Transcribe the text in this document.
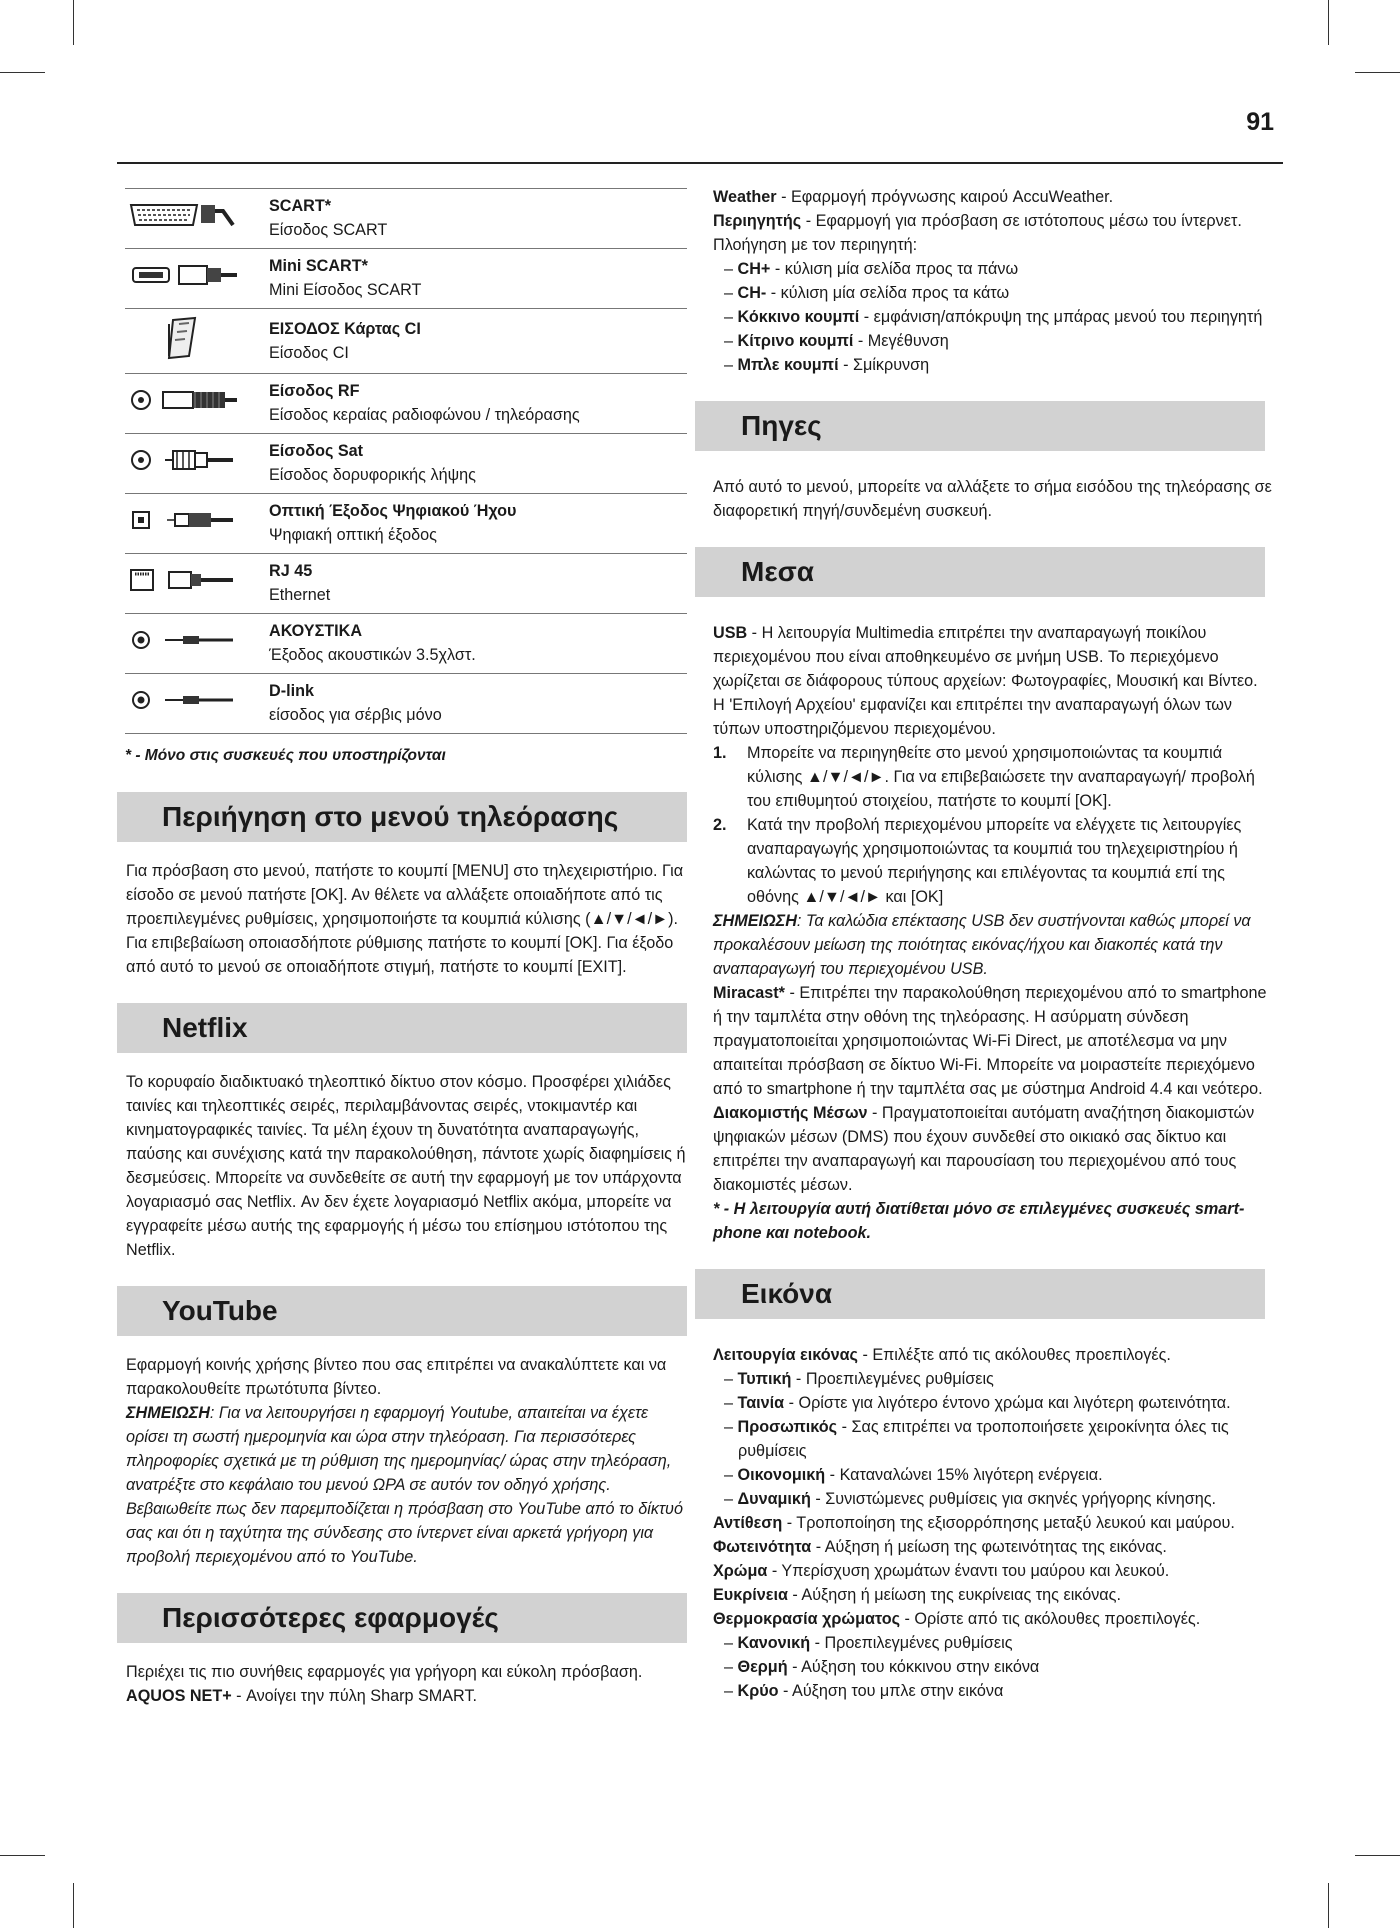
91

SCART*
Είσοδος SCART

Mini SCART*
Mini Είσοδος SCART

ΕΙΣΟΔΟΣ Κάρτας CI
Είσοδος CI

Είσοδος RF
Είσοδος κεραίας ραδιοφώνου / τηλεόρασης

Είσοδος Sat
Είσοδος δορυφορικής λήψης

Οπτική Έξοδος Ψηφιακού Ήχου
Ψηφιακή οπτική έξοδος

RJ 45
Ethernet

ΑΚΟΥΣΤΙΚΑ
Έξοδος ακουστικών 3.5χλστ.

D-link
είσοδος για σέρβις μόνο
* - Μόνο στις συσκευές που υποστηρίζονται
Περιήγηση στο μενού τηλεόρασης

Για πρόσβαση στο μενού, πατήστε το κουμπί [MENU] στο τηλεχειριστήριο. Για είσοδο σε μενού πατήστε [OK]. Αν θέλετε να αλλάξετε οποιαδήποτε από τις προεπιλεγμένες ρυθμίσεις, χρησιμοποιήστε τα κουμπιά κύλισης (▲/▼/◄/►). Για επιβεβαίωση οποιασδήποτε ρύθμισης πατήστε το κουμπί [OK]. Για έξοδο από αυτό το μενού σε οποιαδήποτε στιγμή, πατήστε το κουμπί [EXIT].

Netflix

Το κορυφαίο διαδικτυακό τηλεοπτικό δίκτυο στον κόσμο. Προσφέρει χιλιάδες ταινίες και τηλεοπτικές σειρές, περιλαμβάνοντας σειρές, ντοκιμαντέρ και κινηματογραφικές ταινίες. Τα μέλη έχουν τη δυνατότητα αναπαραγωγής, παύσης και συνέχισης κατά την παρακολούθηση, πάντοτε χωρίς διαφημίσεις ή δεσμεύσεις. Μπορείτε να συνδεθείτε σε αυτή την εφαρμογή με τον υπάρχοντα λογαριασμό σας Netflix. Αν δεν έχετε λογαριασμό Netflix ακόμα, μπορείτε να εγγραφείτε μέσω αυτής της εφαρμογής ή μέσω του επίσημου ιστότοπου της Netflix.

YouTube

Εφαρμογή κοινής χρήσης βίντεο που σας επιτρέπει να ανακαλύπτετε και να παρακολουθείτε πρωτότυπα βίντεο.

ΣΗΜΕΙΩΣΗ: Για να λειτουργήσει η εφαρμογή Youtube, απαιτείται να έχετε ορίσει τη σωστή ημερομηνία και ώρα στην τηλεόραση. Για περισσότερες πληροφορίες σχετικά με τη ρύθμιση της ημερομηνίας/ ώρας στην τηλεόραση, ανατρέξτε στο κεφάλαιο του μενού ΩΡΑ σε αυτόν τον οδηγό χρήσης. Βεβαιωθείτε πως δεν παρεμποδίζεται η πρόσβαση στο YouTube από το δίκτυό σας και ότι η ταχύτητα της σύνδεσης στο ίντερνετ είναι αρκετά γρήγορη για προβολή περιεχομένου από το YouTube.

Περισσότερες εφαρμογές

Περιέχει τις πιο συνήθεις εφαρμογές για γρήγορη και εύκολη πρόσβαση.

AQUOS NET+ - Ανοίγει την πύλη Sharp SMART.

Weather - Εφαρμογή πρόγνωσης καιρού AccuWeather.

Περιηγητής - Εφαρμογή για πρόσβαση σε ιστότοπους μέσω του ίντερνετ. Πλοήγηση με τον περιηγητή:

– CH+ - κύλιση μία σελίδα προς τα πάνω
– CH- - κύλιση μία σελίδα προς τα κάτω
– Κόκκινο κουμπί - εμφάνιση/απόκρυψη της μπάρας μενού του περιηγητή
– Κίτρινο κουμπί - Μεγέθυνση
– Μπλε κουμπί - Σμίκρυνση
Πηγες

Από αυτό το μενού, μπορείτε να αλλάξετε το σήμα εισόδου της τηλεόρασης σε διαφορετική πηγή/συνδεμένη συσκευή.

Μεσα

USB - Η λειτουργία Multimedia επιτρέπει την αναπαραγωγή ποικίλου περιεχομένου που είναι αποθηκευμένο σε μνήμη USB. Το περιεχόμενο χωρίζεται σε διάφορους τύπους αρχείων: Φωτογραφίες, Μουσική και Βίντεο.

Η 'Επιλογή Αρχείου' εμφανίζει και επιτρέπει την αναπαραγωγή όλων των τύπων υποστηριζόμενου περιεχομένου.

1. Μπορείτε να περιηγηθείτε στο μενού χρησιμοποιώντας τα κουμπιά κύλισης ▲/▼/◄/►. Για να επιβεβαιώσετε την αναπαραγωγή/ προβολή του επιθυμητού στοιχείου, πατήστε το κουμπί [OK].
2. Κατά την προβολή περιεχομένου μπορείτε να ελέγχετε τις λειτουργίες αναπαραγωγής χρησιμοποιώντας τα κουμπιά του τηλεχειριστηρίου ή καλώντας το μενού περιήγησης και επιλέγοντας τα κουμπιά επί της οθόνης ▲/▼/◄/► και [OK]

ΣΗΜΕΙΩΣΗ: Τα καλώδια επέκτασης USB δεν συστήνονται καθώς μπορεί να προκαλέσουν μείωση της ποιότητας εικόνας/ήχου και διακοπές κατά την αναπαραγωγή του περιεχομένου USB.

Miracast* - Επιτρέπει την παρακολούθηση περιεχομένου από το smartphone ή την ταμπλέτα στην οθόνη της τηλεόρασης. Η ασύρματη σύνδεση πραγματοποιείται χρησιμοποιώντας Wi-Fi Direct, με αποτέλεσμα να μην απαιτείται πρόσβαση σε δίκτυο Wi-Fi. Μπορείτε να μοιραστείτε περιεχόμενο από το smartphone ή την ταμπλέτα σας με σύστημα Android 4.4 και νεότερο.

Διακομιστής Μέσων - Πραγματοποιείται αυτόματη αναζήτηση διακομιστών ψηφιακών μέσων (DMS) που έχουν συνδεθεί στο οικιακό σας δίκτυο και επιτρέπει την αναπαραγωγή και παρουσίαση του περιεχομένου από τους διακομιστές μέσων.

* - Η λειτουργία αυτή διατίθεται μόνο σε επιλεγμένες συσκευές smart-phone και notebook.

Εικόνα

Λειτουργία εικόνας - Επιλέξτε από τις ακόλουθες προεπιλογές.

– Τυπική - Προεπιλεγμένες ρυθμίσεις
– Ταινία - Ορίστε για λιγότερο έντονο χρώμα και λιγότερη φωτεινότητα.
– Προσωπικός - Σας επιτρέπει να τροποποιήσετε χειροκίνητα όλες τις ρυθμίσεις
– Οικονομική - Καταναλώνει 15% λιγότερη ενέργεια.
– Δυναμική - Συνιστώμενες ρυθμίσεις για σκηνές γρήγορης κίνησης.

Αντίθεση - Τροποποίηση της εξισορρόπησης μεταξύ λευκού και μαύρου.

Φωτεινότητα - Αύξηση ή μείωση της φωτεινότητας της εικόνας.

Χρώμα - Υπερίσχυση χρωμάτων έναντι του μαύρου και λευκού.

Ευκρίνεια - Αύξηση ή μείωση της ευκρίνειας της εικόνας.

Θερμοκρασία χρώματος - Ορίστε από τις ακόλουθες προεπιλογές.

– Κανονική - Προεπιλεγμένες ρυθμίσεις
– Θερμή - Αύξηση του κόκκινου στην εικόνα
– Κρύο - Αύξηση του μπλε στην εικόνα
